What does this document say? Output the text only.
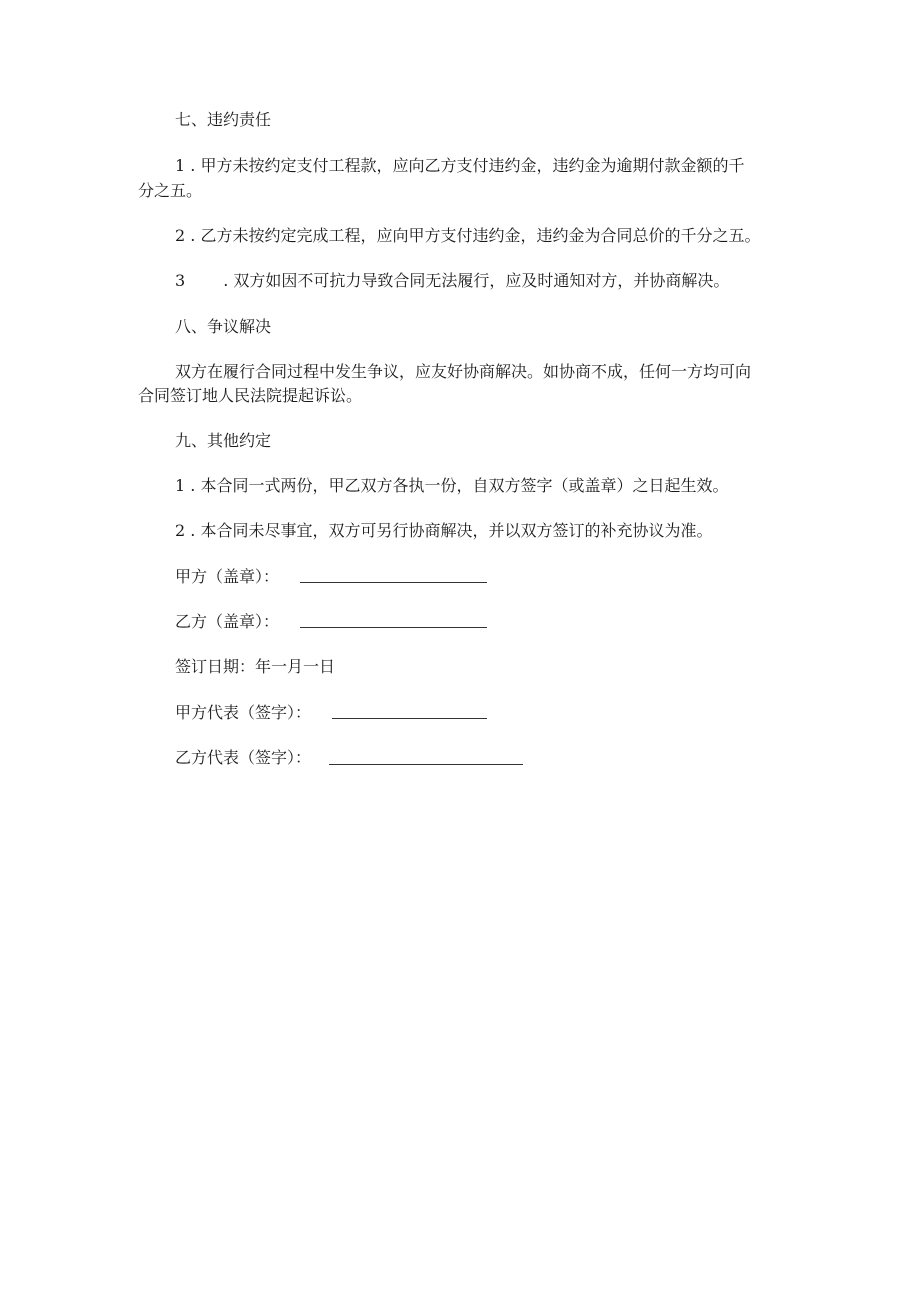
七、违约责任
1 . 甲方未按约定支付工程款，应向乙方支付违约金，违约金为逾期付款金额的千
分之五。
2 . 乙方未按约定完成工程，应向甲方支付违约金，违约金为合同总价的千分之五。
3 . 双方如因不可抗力导致合同无法履行，应及时通知对方，并协商解决。
八、争议解决
双方在履行合同过程中发生争议，应友好协商解决。如协商不成，任何一方均可向
合同签订地人民法院提起诉讼。
九、其他约定
1 . 本合同一式两份，甲乙双方各执一份，自双方签字（或盖章）之日起生效。
2 . 本合同未尽事宜，双方可另行协商解决，并以双方签订的补充协议为准。
甲方（盖章）：
乙方（盖章）：
签订日期：年一月一日
甲方代表（签字）：
乙方代表（签字）：
